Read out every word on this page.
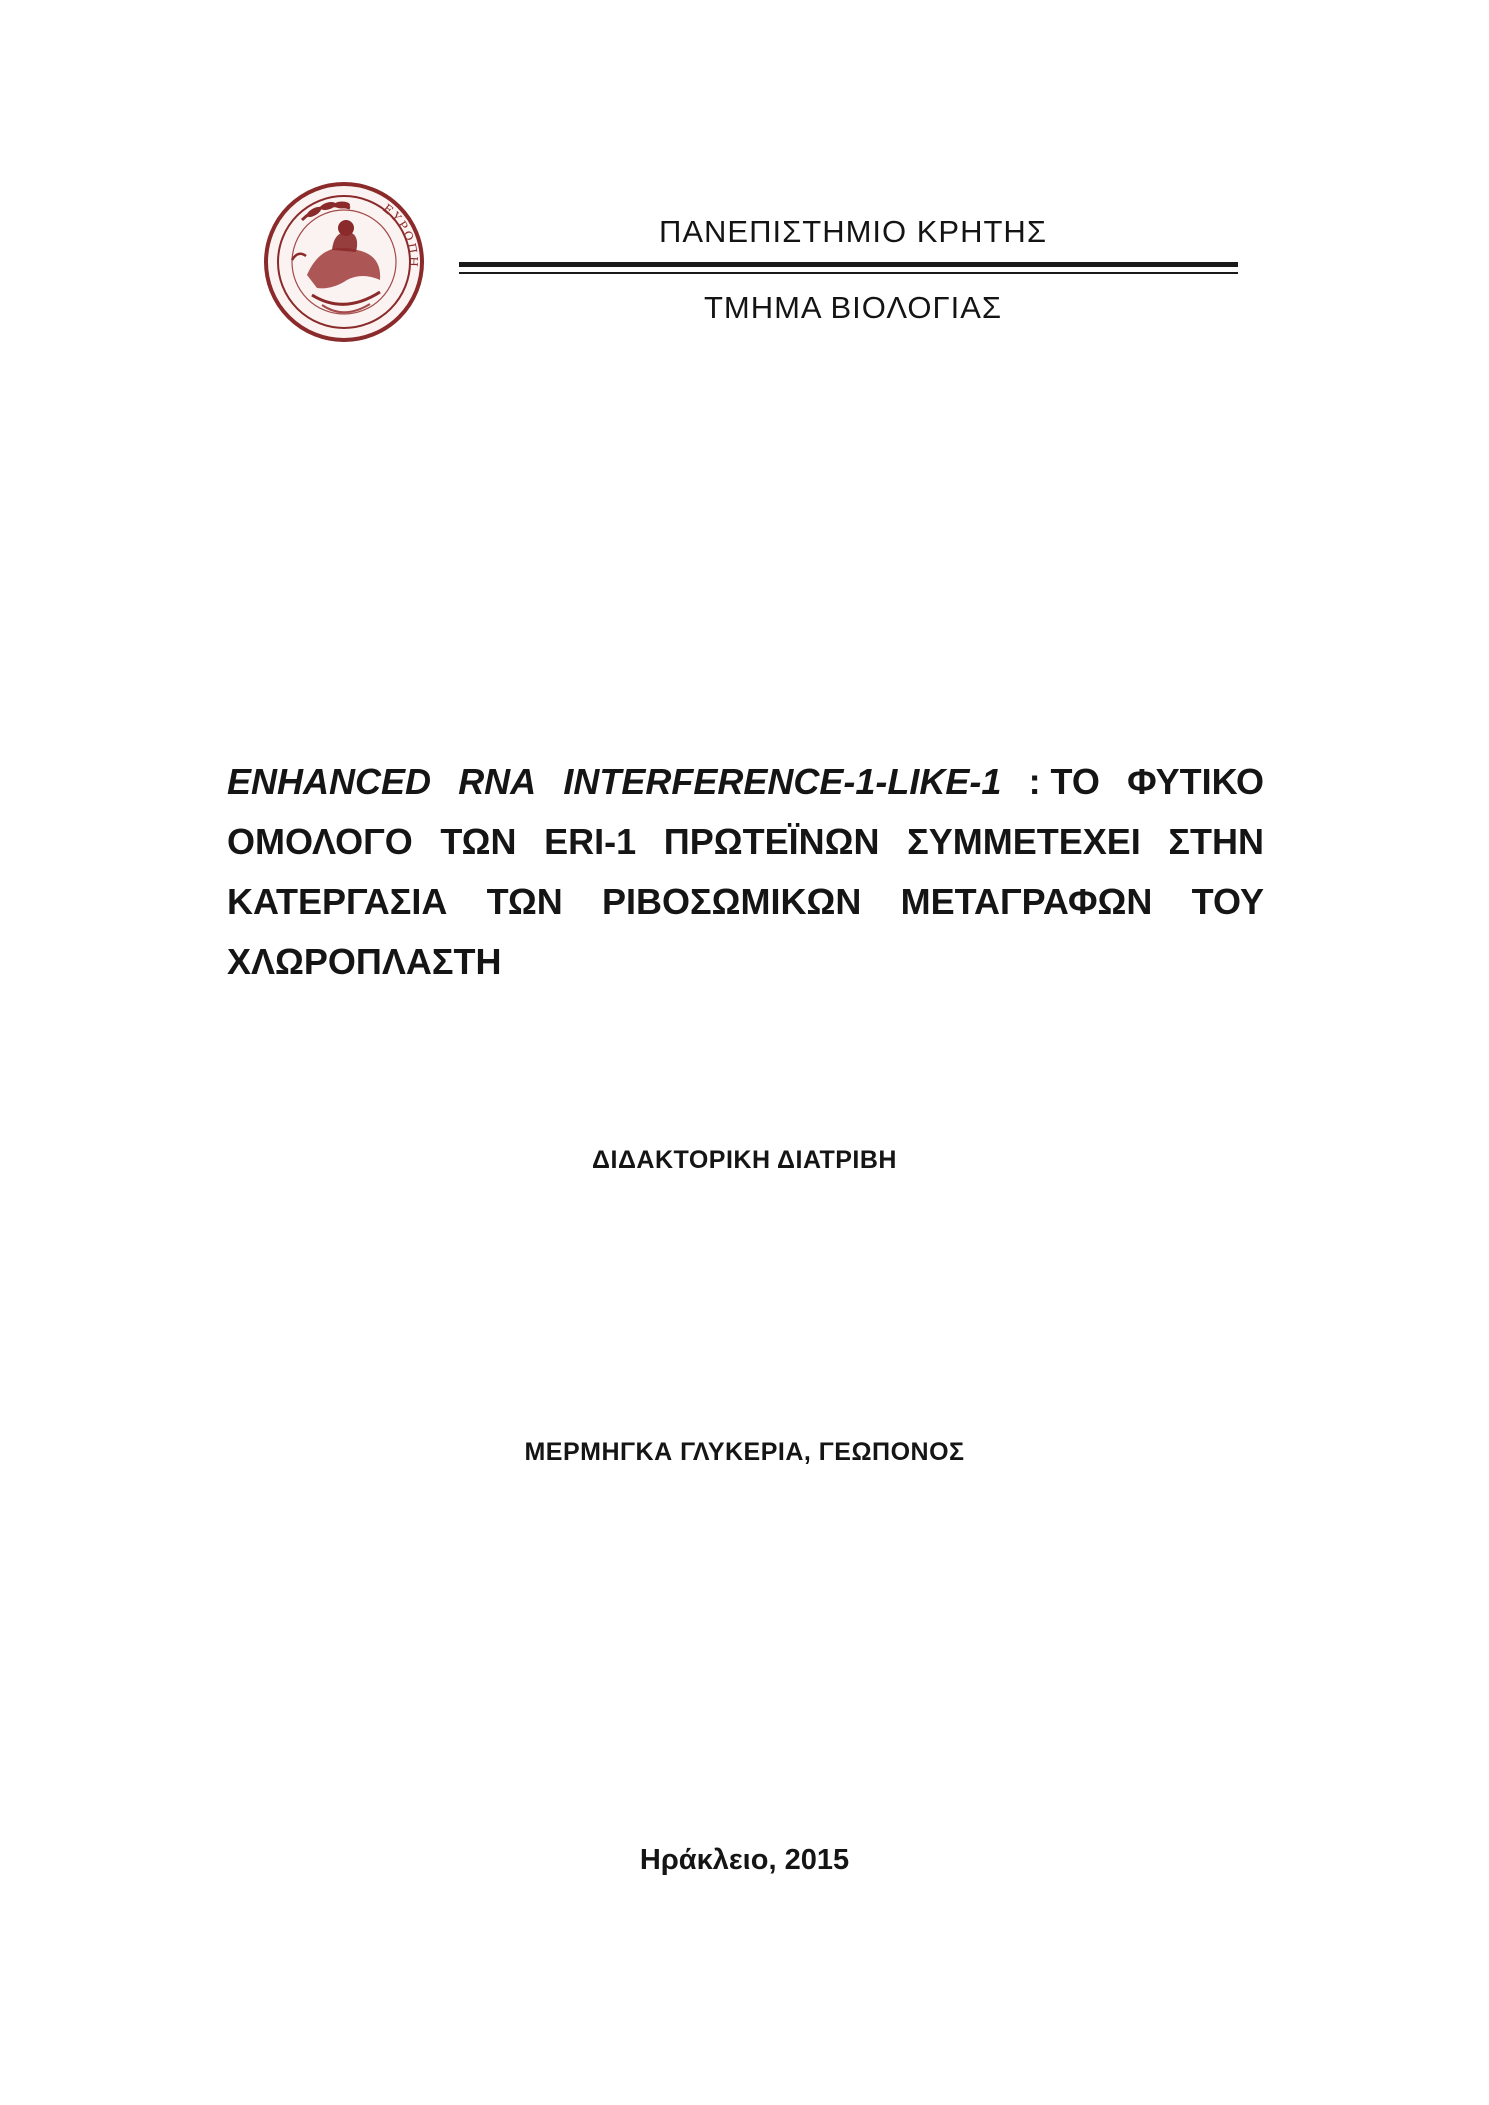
ΕΥΡΩΠΗ
ΠΑΝΕΠΙΣΤΗΜΙΟ ΚΡΗΤΗΣ
ΤΜΗΜΑ ΒΙΟΛΟΓΙΑΣ
ENHANCED RNA INTERFERENCE-1-LIKE-1 : ΤΟ ΦΥΤΙΚΟ
ΟΜΟΛΟΓΟ ΤΩΝ ERI-1 ΠΡΩΤΕΪΝΩΝ ΣΥΜΜΕΤΕΧΕΙ ΣΤΗΝ
ΚΑΤΕΡΓΑΣΙΑ ΤΩΝ ΡΙΒΟΣΩΜΙΚΩΝ ΜΕΤΑΓΡΑΦΩΝ ΤΟΥ
ΧΛΩΡΟΠΛΑΣΤΗ
ΔΙΔΑΚΤΟΡΙΚΗ ΔΙΑΤΡΙΒΗ
ΜΕΡΜΗΓΚΑ ΓΛΥΚΕΡΙΑ, ΓΕΩΠΟΝΟΣ
Ηράκλειο, 2015
